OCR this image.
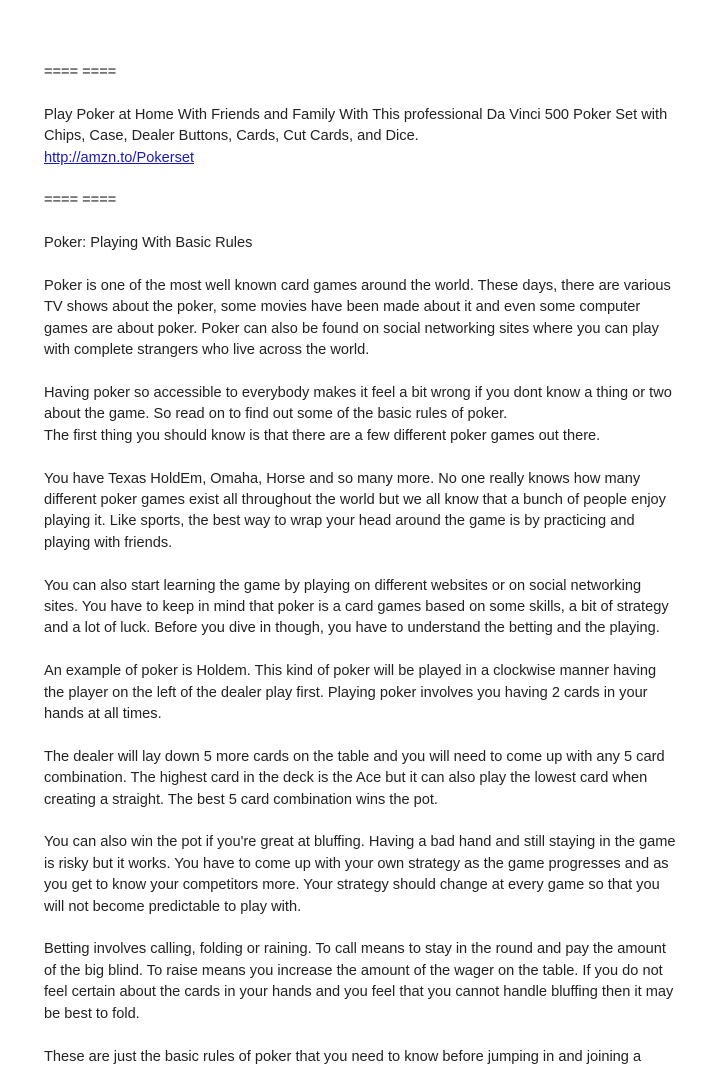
==== ====

Play Poker at Home With Friends and Family With This professional Da Vinci 500 Poker Set with
Chips, Case, Dealer Buttons, Cards, Cut Cards, and Dice.
http://amzn.to/Pokerset

==== ====

Poker: Playing With Basic Rules

Poker is one of the most well known card games around the world. These days, there are various
TV shows about the poker, some movies have been made about it and even some computer
games are about poker. Poker can also be found on social networking sites where you can play
with complete strangers who live across the world.

Having poker so accessible to everybody makes it feel a bit wrong if you dont know a thing or two
about the game. So read on to find out some of the basic rules of poker.
The first thing you should know is that there are a few different poker games out there.

You have Texas HoldEm, Omaha, Horse and so many more. No one really knows how many
different poker games exist all throughout the world but we all know that a bunch of people enjoy
playing it. Like sports, the best way to wrap your head around the game is by practicing and
playing with friends.

You can also start learning the game by playing on different websites or on social networking
sites. You have to keep in mind that poker is a card games based on some skills, a bit of strategy
and a lot of luck. Before you dive in though, you have to understand the betting and the playing.

An example of poker is Holdem. This kind of poker will be played in a clockwise manner having
the player on the left of the dealer play first. Playing poker involves you having 2 cards in your
hands at all times.

The dealer will lay down 5 more cards on the table and you will need to come up with any 5 card
combination. The highest card in the deck is the Ace but it can also play the lowest card when
creating a straight. The best 5 card combination wins the pot.

You can also win the pot if you're great at bluffing. Having a bad hand and still staying in the game
is risky but it works. You have to come up with your own strategy as the game progresses and as
you get to know your competitors more. Your strategy should change at every game so that you
will not become predictable to play with.

Betting involves calling, folding or raining. To call means to stay in the round and pay the amount
of the big blind. To raise means you increase the amount of the wager on the table. If you do not
feel certain about the cards in your hands and you feel that you cannot handle bluffing then it may
be best to fold.

These are just the basic rules of poker that you need to know before jumping in and joining a
